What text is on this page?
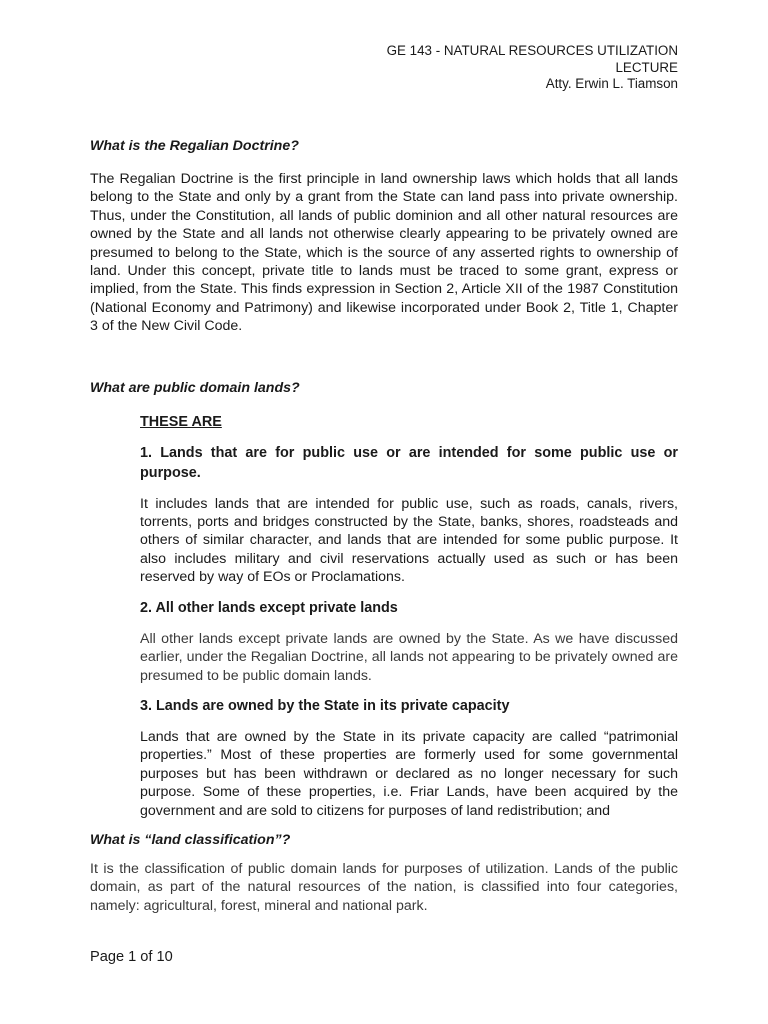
GE 143 - NATURAL RESOURCES UTILIZATION
LECTURE
Atty. Erwin L. Tiamson

What is the Regalian Doctrine?

The Regalian Doctrine is the first principle in land ownership laws which holds that all lands belong to the State and only by a grant from the State can land pass into private ownership. Thus, under the Constitution, all lands of public dominion and all other natural resources are owned by the State and all lands not otherwise clearly appearing to be privately owned are presumed to belong to the State, which is the source of any asserted rights to ownership of land. Under this concept, private title to lands must be traced to some grant, express or implied, from the State. This finds expression in Section 2, Article XII of the 1987 Constitution (National Economy and Patrimony) and likewise incorporated under Book 2, Title 1, Chapter 3 of the New Civil Code.

What are public domain lands?

THESE ARE

1. Lands that are for public use or are intended for some public use or purpose.

It includes lands that are intended for public use, such as roads, canals, rivers, torrents, ports and bridges constructed by the State, banks, shores, roadsteads and others of similar character, and lands that are intended for some public purpose. It also includes military and civil reservations actually used as such or has been reserved by way of EOs or Proclamations.

2. All other lands except private lands

All other lands except private lands are owned by the State. As we have discussed earlier, under the Regalian Doctrine, all lands not appearing to be privately owned are presumed to be public domain lands.

3. Lands are owned by the State in its private capacity

Lands that are owned by the State in its private capacity are called “patrimonial properties.” Most of these properties are formerly used for some governmental purposes but has been withdrawn or declared as no longer necessary for such purpose. Some of these properties, i.e. Friar Lands, have been acquired by the government and are sold to citizens for purposes of land redistribution; and

What is “land classification”?

It is the classification of public domain lands for purposes of utilization. Lands of the public domain, as part of the natural resources of the nation, is classified into four categories, namely: agricultural, forest, mineral and national park.

Page 1 of 10
